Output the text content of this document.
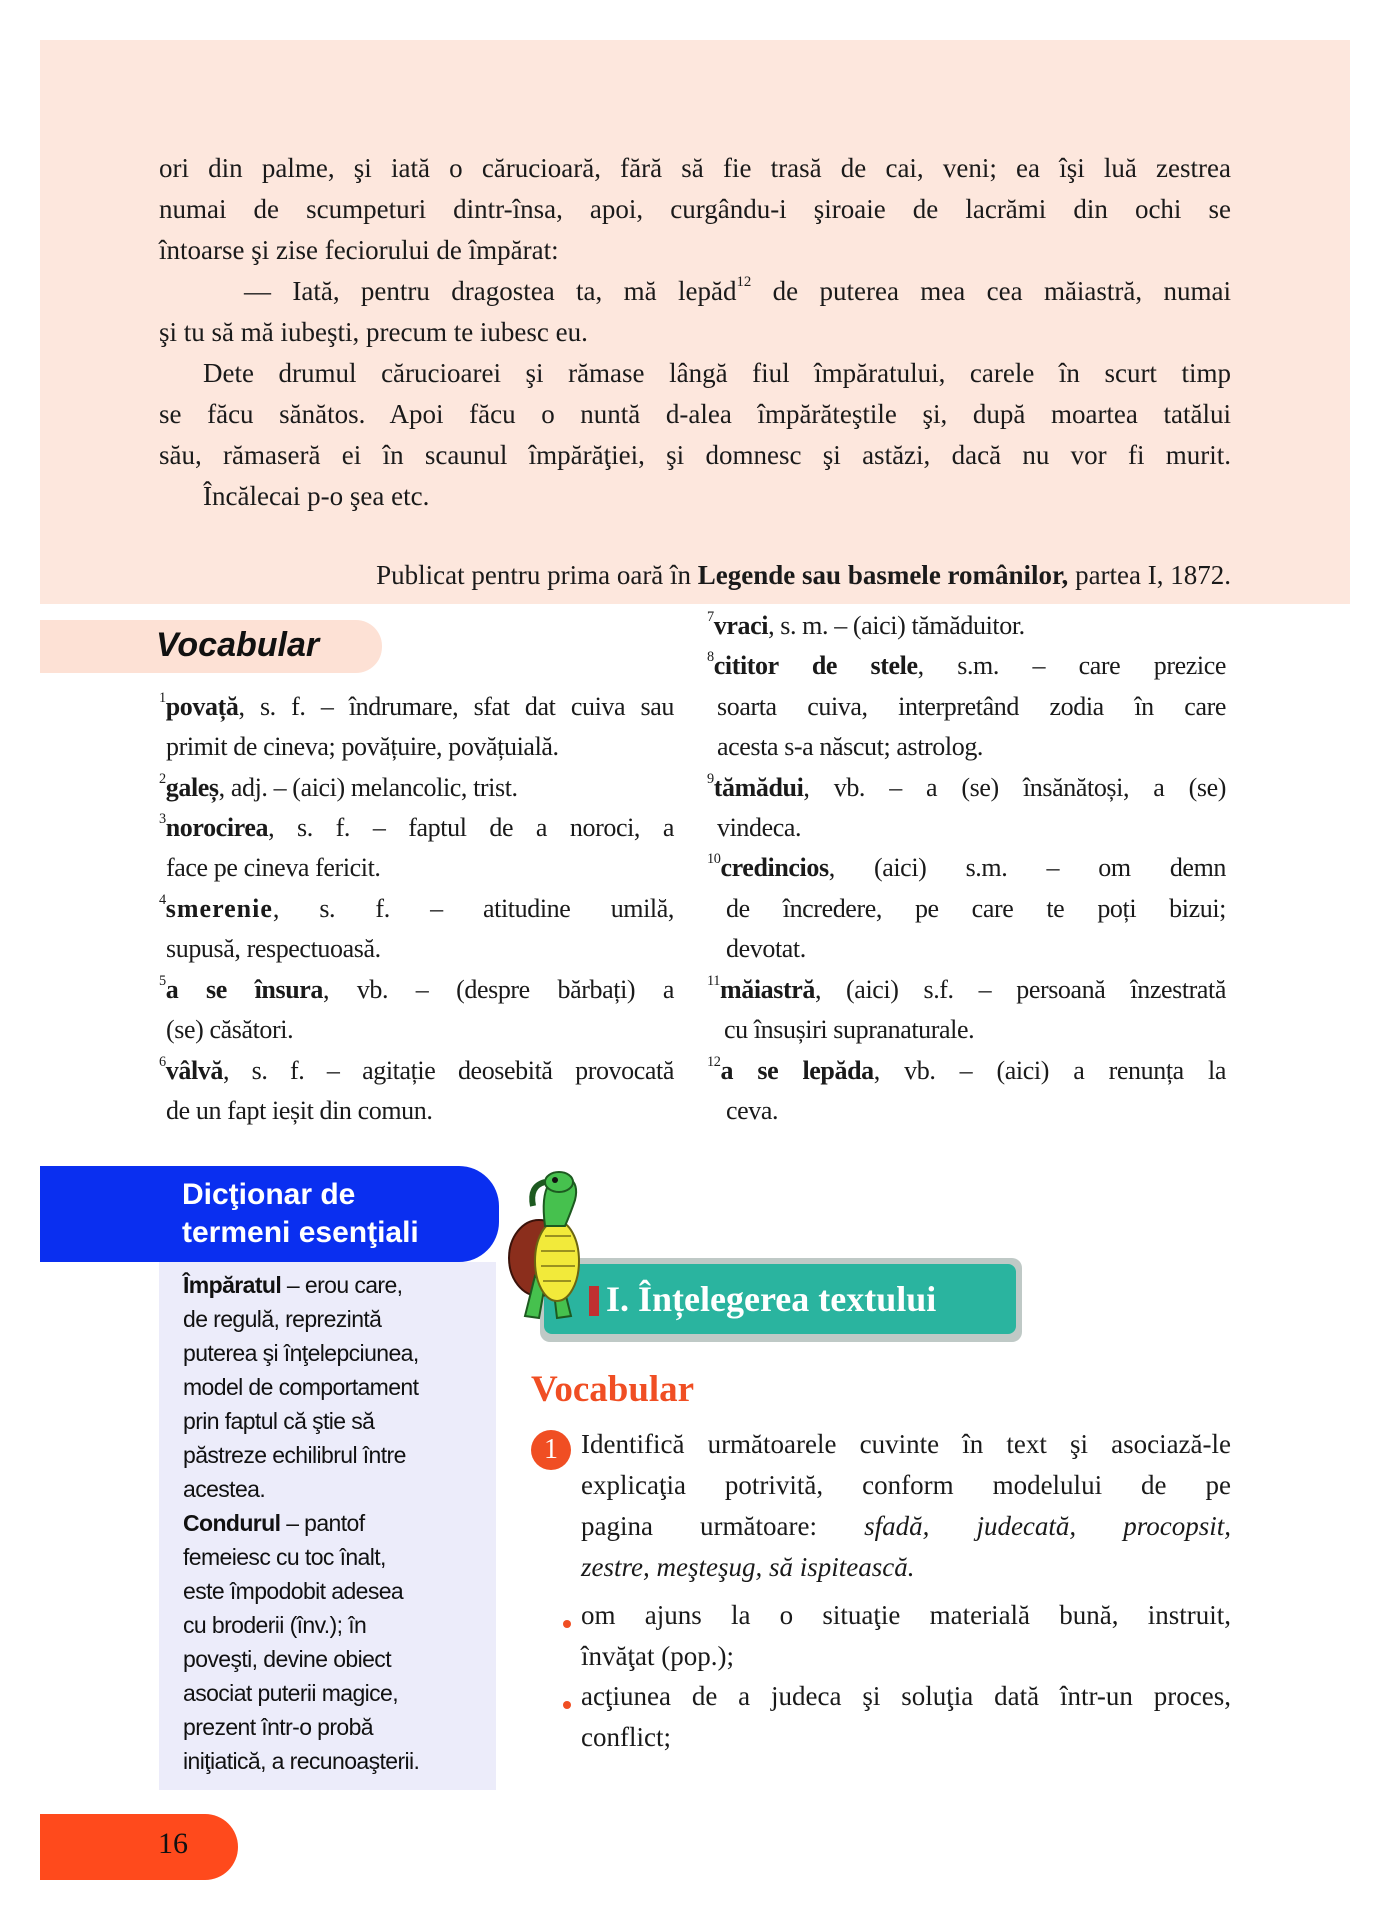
ori din palme, şi iată o cărucioară, fără să fie trasă de cai, veni; ea îşi luă zestrea
numai de scumpeturi dintr-însa, apoi, curgându-i şiroaie de lacrămi din ochi se
întoarse şi zise feciorului de împărat:
— Iată, pentru dragostea ta, mă lepăd$^{12}$ de puterea mea cea măiastră, numai
şi tu să mă iubeşti, precum te iubesc eu.
Dete drumul cărucioarei şi rămase lângă fiul împăratului, carele în scurt timp
se făcu sănătos. Apoi făcu o nuntă d-alea împărăteştile şi, după moartea tatălui
său, rămaseră ei în scaunul împărăţiei, şi domnesc şi astăzi, dacă nu vor fi murit.
Încălecai p-o şea etc.
Publicat pentru prima oară în Legende sau basmele românilor, partea I, 1872.
Vocabular
$^1$povață, s. f. – îndrumare, sfat dat cuiva sau
primit de cineva; povățuire, povățuială.
$^2$galeș, adj. – (aici) melancolic, trist.
$^3$norocirea, s. f. – faptul de a noroci, a
face pe cineva fericit.
$^4$smerenie, s. f. – atitudine umilă,
supusă, respectuoasă.
$^5$a se însura, vb. – (despre bărbați) a
(se) căsători.
$^6$vâlvă, s. f. – agitație deosebită provocată
de un fapt ieșit din comun.
$^7$vraci, s. m. – (aici) tămăduitor.
$^8$cititor de stele, s.m. – care prezice
soarta cuiva, interpretând zodia în care
acesta s-a născut; astrolog.
$^9$tămădui, vb. – a (se) însănătoși, a (se)
vindeca.
$^{10}$credincios, (aici) s.m. – om demn
de încredere, pe care te poți bizui;
devotat.
$^{11}$măiastră, (aici) s.f. – persoană înzestrată
cu însușiri supranaturale.
$^{12}$a se lepăda, vb. – (aici) a renunța la
ceva.
Dicţionar de
termeni esenţiali
Împăratul – erou care,
de regulă, reprezintă
puterea şi înţelepciunea,
model de comportament
prin faptul că ştie să
păstreze echilibrul între
acestea.
Condurul – pantof
femeiesc cu toc înalt,
este împodobit adesea
cu broderii (înv.); în
poveşti, devine obiect
asociat puterii magice,
prezent într-o probă
iniţiatică, a recunoaşterii.
16
I. Înțelegerea textului
Vocabular
1 Identifică următoarele cuvinte în text şi asociază-le
explicaţia potrivită, conform modelului de pe
pagina următoare: sfadă, judecată, procopsit,
zestre, meşteşug, să ispitească.
om ajuns la o situaţie materială bună, instruit,
învăţat (pop.);
acţiunea de a judeca şi soluţia dată într-un proces,
conflict;
